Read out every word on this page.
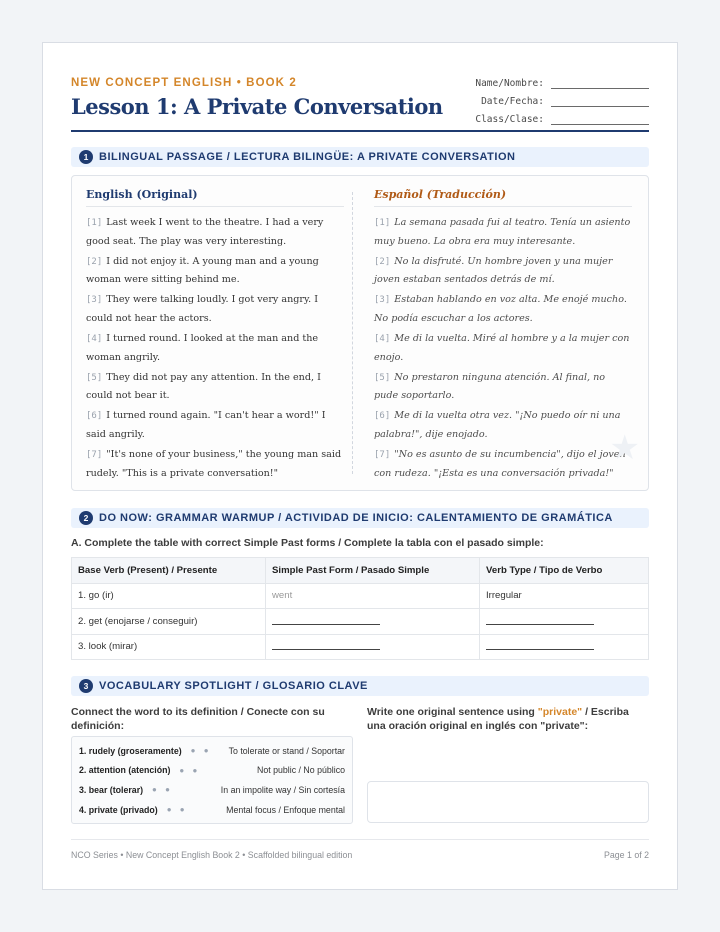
NEW CONCEPT ENGLISH • BOOK 2
Lesson 1: A Private Conversation
Name/Nombre:
Date/Fecha:
Class/Clase:
1 BILINGUAL PASSAGE / LECTURA BILINGÜE: A PRIVATE CONVERSATION
English (Original)
[1] Last week I went to the theatre. I had a very good seat. The play was very interesting.
[2] I did not enjoy it. A young man and a young woman were sitting behind me.
[3] They were talking loudly. I got very angry. I could not hear the actors.
[4] I turned round. I looked at the man and the woman angrily.
[5] They did not pay any attention. In the end, I could not bear it.
[6] I turned round again. "I can't hear a word!" I said angrily.
[7] "It's none of your business," the young man said rudely. "This is a private conversation!"
Español (Traducción)
[1] La semana pasada fui al teatro. Tenía un asiento muy bueno. La obra era muy interesante.
[2] No la disfruté. Un hombre joven y una mujer joven estaban sentados detrás de mí.
[3] Estaban hablando en voz alta. Me enojé mucho. No podía escuchar a los actores.
[4] Me di la vuelta. Miré al hombre y a la mujer con enojo.
[5] No prestaron ninguna atención. Al final, no pude soportarlo.
[6] Me di la vuelta otra vez. "¡No puedo oír ni una palabra!", dije enojado.
[7] "No es asunto de su incumbencia", dijo el joven con rudeza. "¡Esta es una conversación privada!"
★
2 DO NOW: GRAMMAR WARMUP / ACTIVIDAD DE INICIO: CALENTAMIENTO DE GRAMÁTICA
A. Complete the table with correct Simple Past forms / Complete la tabla con el pasado simple:
Base Verb (Present) / Presente	Simple Past Form / Pasado Simple	Verb Type / Tipo de Verbo
1. go (ir)	went	Irregular
2. get (enojarse / conseguir)		
3. look (mirar)		
3 VOCABULARY SPOTLIGHT / GLOSARIO CLAVE
Connect the word to its definition / Conecte con su definición:
1. rudely (groseramente) ● ● To tolerate or stand / Soportar
2. attention (atención) ● ●	Not public / No público
3. bear (tolerar) ● ●	In an impolite way / Sin cortesía
4. private (privado) ● ●	Mental focus / Enfoque mental
Write one original sentence using "private" / Escriba una oración original en inglés con "private":
NCO Series • New Concept English Book 2 • Scaffolded bilingual edition	Page 1 of 2
